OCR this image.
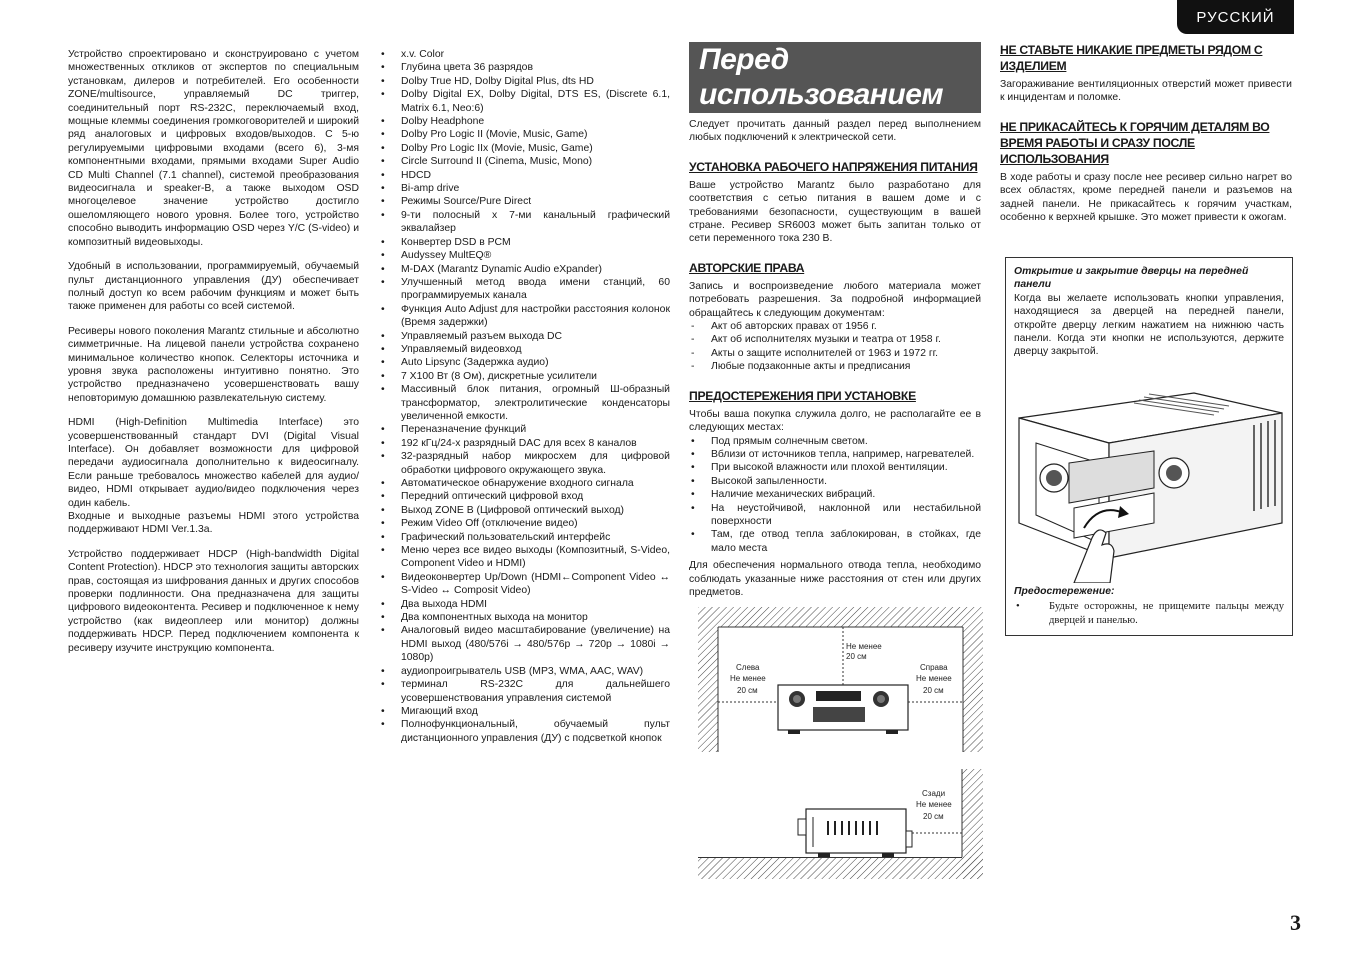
РУССКИЙ

Устройство спроектировано и сконструировано с учетом множественных откликов от экспертов по специальным установкам, дилеров и потребителей. Его особенности ZONE/multisource, управляемый DC триггер, соединительный порт RS-232C, переключаемый вход, мощные клеммы соединения громкоговорителей и широкий ряд аналоговых и цифровых входов/выходов. С 5-ю регулируемыми цифровыми входами (всего 6), 3-мя компонентными входами, прямыми входами Super Audio CD Multi Channel (7.1 channel), системой преобразования видеосигнала и speaker-B, а также выходом OSD многоцелевое значение устройство достигло ошеломляющего нового уровня. Более того, устройство способно выводить информацию OSD через Y/C (S-video) и композитный видеовыходы.

Удобный в использовании, программируемый, обучаемый пульт дистанционного управления (ДУ) обеспечивает полный доступ ко всем рабочим функциям и может быть также применен для работы со всей системой.

Ресиверы нового поколения Marantz стильные и абсолютно симметричные. На лицевой панели устройства сохранено минимальное количество кнопок. Селекторы источника и уровня звука расположены интуитивно понятно. Это устройство предназначено усовершенствовать вашу неповторимую домашнюю развлекательную систему.

HDMI (High-Definition Multimedia Interface) это усовершенствованный стандарт DVI (Digital Visual Interface). Он добавляет возможности для цифровой передачи аудиосигнала дополнительно к видеосигналу. Если раньше требовалось множество кабелей для аудио/видео, HDMI открывает аудио/видео подключения через один кабель.

Входные и выходные разъемы HDMI этого устройства поддерживают HDMI Ver.1.3a.

Устройство поддерживает HDCP (High-bandwidth Digital Content Protection). HDCP это технология защиты авторских прав, состоящая из шифрования данных и других способов проверки подлинности. Она предназначена для защиты цифрового видеоконтента. Ресивер и подключенное к нему устройство (как видеоплеер или монитор) должны поддерживать HDCP. Перед подключением компонента к ресиверу изучите инструкцию компонента.

• x.v. Color
• Глубина цвета 36 разрядов
• Dolby True HD, Dolby Digital Plus, dts HD
• Dolby Digital EX, Dolby Digital, DTS ES, (Discrete 6.1, Matrix 6.1, Neo:6)
• Dolby Headphone
• Dolby Pro Logic II (Movie, Music, Game)
• Dolby Pro Logic IIx (Movie, Music, Game)
• Circle Surround II (Cinema, Music, Mono)
• HDCD
• Bi-amp drive
• Режимы Source/Pure Direct
• 9-ти полосный x 7-ми канальный графический эквалайзер
• Конвертер DSD в PCM
• Audyssey MultEQ®
• M-DAX (Marantz Dynamic Audio eXpander)
• Улучшенный метод ввода имени станций, 60 программируемых канала
• Функция Auto Adjust для настройки расстояния колонок (Время задержки)
• Управляемый разъем выхода DC
• Управляемый видеовход
• Auto Lipsync (Задержка аудио)
• 7 X100 Вт (8 Ом), дискретные усилители
• Массивный блок питания, огромный Ш-образный трансформатор, электролитические конденсаторы увеличенной емкости.
• Переназначение функций
• 192 кГц/24-х разрядный DAC для всех 8 каналов
• 32-разрядный набор микросхем для цифровой обработки цифрового окружающего звука.
• Автоматическое обнаружение входного сигнала
• Передний оптический цифровой вход
• Выход ZONE B (Цифровой оптический выход)
• Режим Video Off (отключение видео)
• Графический пользовательский интерфейс
• Меню через все видео выходы (Композитный, S-Video, Component Video и HDMI)
• Видеоконвертер Up/Down (HDMI←Component Video ↔ S-Video ↔ Composit Video)
• Два выхода HDMI
• Два компонентных выхода на монитор
• Аналоговый видео масштабирование (увеличение) на HDMI выход (480/576i → 480/576p → 720p → 1080i → 1080p)
• аудиопроигрыватель USB (MP3, WMA, AAC, WAV)
• терминал RS-232C для дальнейшего усовершенствования управления системой
• Мигающий вход
• Полнофункциональный, обучаемый пульт дистанционного управления (ДУ) с подсветкой кнопок
Перед
использованием

Следует прочитать данный раздел перед выполнением любых подключений к электрической сети.

УСТАНОВКА РАБОЧЕГО НАПРЯЖЕНИЯ ПИТАНИЯ

Ваше устройство Marantz было разработано для соответствия с сетью питания в вашем доме и с требованиями безопасности, существующим в вашей стране. Ресивер SR6003 может быть запитан только от сети переменного тока 230 В.

АВТОРСКИЕ ПРАВА

Запись и воспроизведение любого материала может потребовать разрешения. За подробной информацией обращайтесь к следующим документам:

- Акт об авторских правах от 1956 г.
- Акт об исполнителях музыки и театра от 1958 г.
- Акты о защите исполнителей от 1963 и 1972 гг.
- Любые подзаконные акты и предписания
ПРЕДОСТЕРЕЖЕНИЯ ПРИ УСТАНОВКЕ

Чтобы ваша покупка служила долго, не располагайте ее в следующих местах:

• Под прямым солнечным светом.
• Вблизи от источников тепла, например, нагревателей.
• При высокой влажности или плохой вентиляции.
• Высокой запыленности.
• Наличие механических вибраций.
• На неустойчивой, наклонной или нестабильной поверхности
• Там, где отвод тепла заблокирован, в стойках, где мало места

Для обеспечения нормального отвода тепла, необходимо соблюдать указанные ниже расстояния от стен или других предметов.

Не менее
20 см
Слева
Не менее
20 см
Справа
Не менее
20 см
Сзади
Не менее
20 см
НЕ СТАВЬТЕ НИКАКИЕ ПРЕДМЕТЫ РЯДОМ С ИЗДЕЛИЕМ

Загораживание вентиляционных отверстий может привести к инцидентам и поломке.

НЕ ПРИКАСАЙТЕСЬ К ГОРЯЧИМ ДЕТАЛЯМ ВО ВРЕМЯ РАБОТЫ И СРАЗУ ПОСЛЕ ИСПОЛЬЗОВАНИЯ

В ходе работы и сразу после нее ресивер сильно нагрет во всех областях, кроме передней панели и разъемов на задней панели. Не прикасайтесь к горячим участкам, особенно к верхней крышке. Это может привести к ожогам.

Открытие и закрытие дверцы на передней панели
Когда вы желаете использовать кнопки управления, находящиеся за дверцей на передней панели, откройте дверцу легким нажатием на нижнюю часть панели. Когда эти кнопки не используются, держите дверцу закрытой.
Предостережение:
• Будьте осторожны, не прищемите пальцы между дверцей и панелью.
3
